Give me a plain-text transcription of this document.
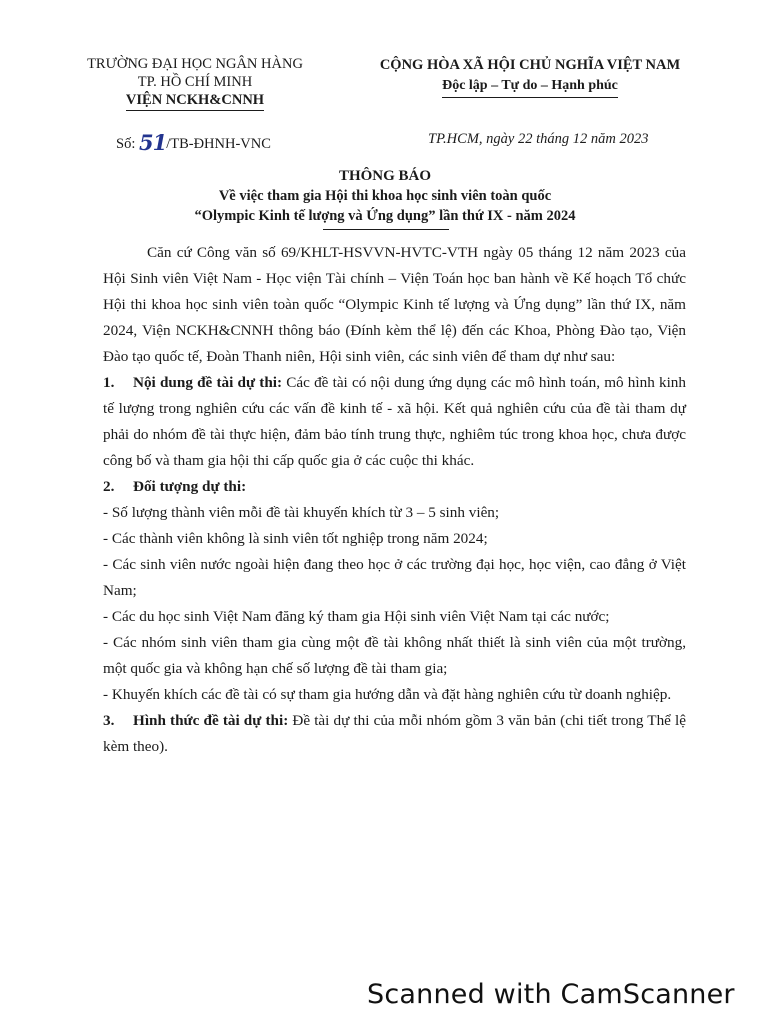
TRƯỜNG ĐẠI HỌC NGÂN HÀNG
TP. HỒ CHÍ MINH
VIỆN NCKH&CNNH
CỘNG HÒA XÃ HỘI CHỦ NGHĨA VIỆT NAM
Độc lập – Tự do – Hạnh phúc
Số: 51/TB-ĐHNH-VNC	TP.HCM, ngày 22 tháng 12 năm 2023
THÔNG BÁO
Về việc tham gia Hội thi khoa học sinh viên toàn quốc
“Olympic Kinh tế lượng và Ứng dụng” lần thứ IX - năm 2024

Căn cứ Công văn số 69/KHLT-HSVVN-HVTC-VTH ngày 05 tháng 12 năm 2023 của Hội Sinh viên Việt Nam - Học viện Tài chính – Viện Toán học ban hành về Kế hoạch Tổ chức Hội thi khoa học sinh viên toàn quốc “Olympic Kinh tế lượng và Ứng dụng” lần thứ IX, năm 2024, Viện NCKH&CNNH thông báo (Đính kèm thể lệ) đến các Khoa, Phòng Đào tạo, Viện Đào tạo quốc tế, Đoàn Thanh niên, Hội sinh viên, các sinh viên để tham dự như sau:

1. Nội dung đề tài dự thi: Các đề tài có nội dung ứng dụng các mô hình toán, mô hình kinh tế lượng trong nghiên cứu các vấn đề kinh tế - xã hội. Kết quả nghiên cứu của đề tài tham dự phải do nhóm đề tài thực hiện, đảm bảo tính trung thực, nghiêm túc trong khoa học, chưa được công bố và tham gia hội thi cấp quốc gia ở các cuộc thi khác.

2. Đối tượng dự thi:

- Số lượng thành viên mỗi đề tài khuyến khích từ 3 – 5 sinh viên;

- Các thành viên không là sinh viên tốt nghiệp trong năm 2024;

- Các sinh viên nước ngoài hiện đang theo học ở các trường đại học, học viện, cao đẳng ở Việt Nam;

- Các du học sinh Việt Nam đăng ký tham gia Hội sinh viên Việt Nam tại các nước;

- Các nhóm sinh viên tham gia cùng một đề tài không nhất thiết là sinh viên của một trường, một quốc gia và không hạn chế số lượng đề tài tham gia;

- Khuyến khích các đề tài có sự tham gia hướng dẫn và đặt hàng nghiên cứu từ doanh nghiệp.

3. Hình thức đề tài dự thi: Đề tài dự thi của mỗi nhóm gồm 3 văn bản (chi tiết trong Thể lệ kèm theo).

Scanned with CamScanner
